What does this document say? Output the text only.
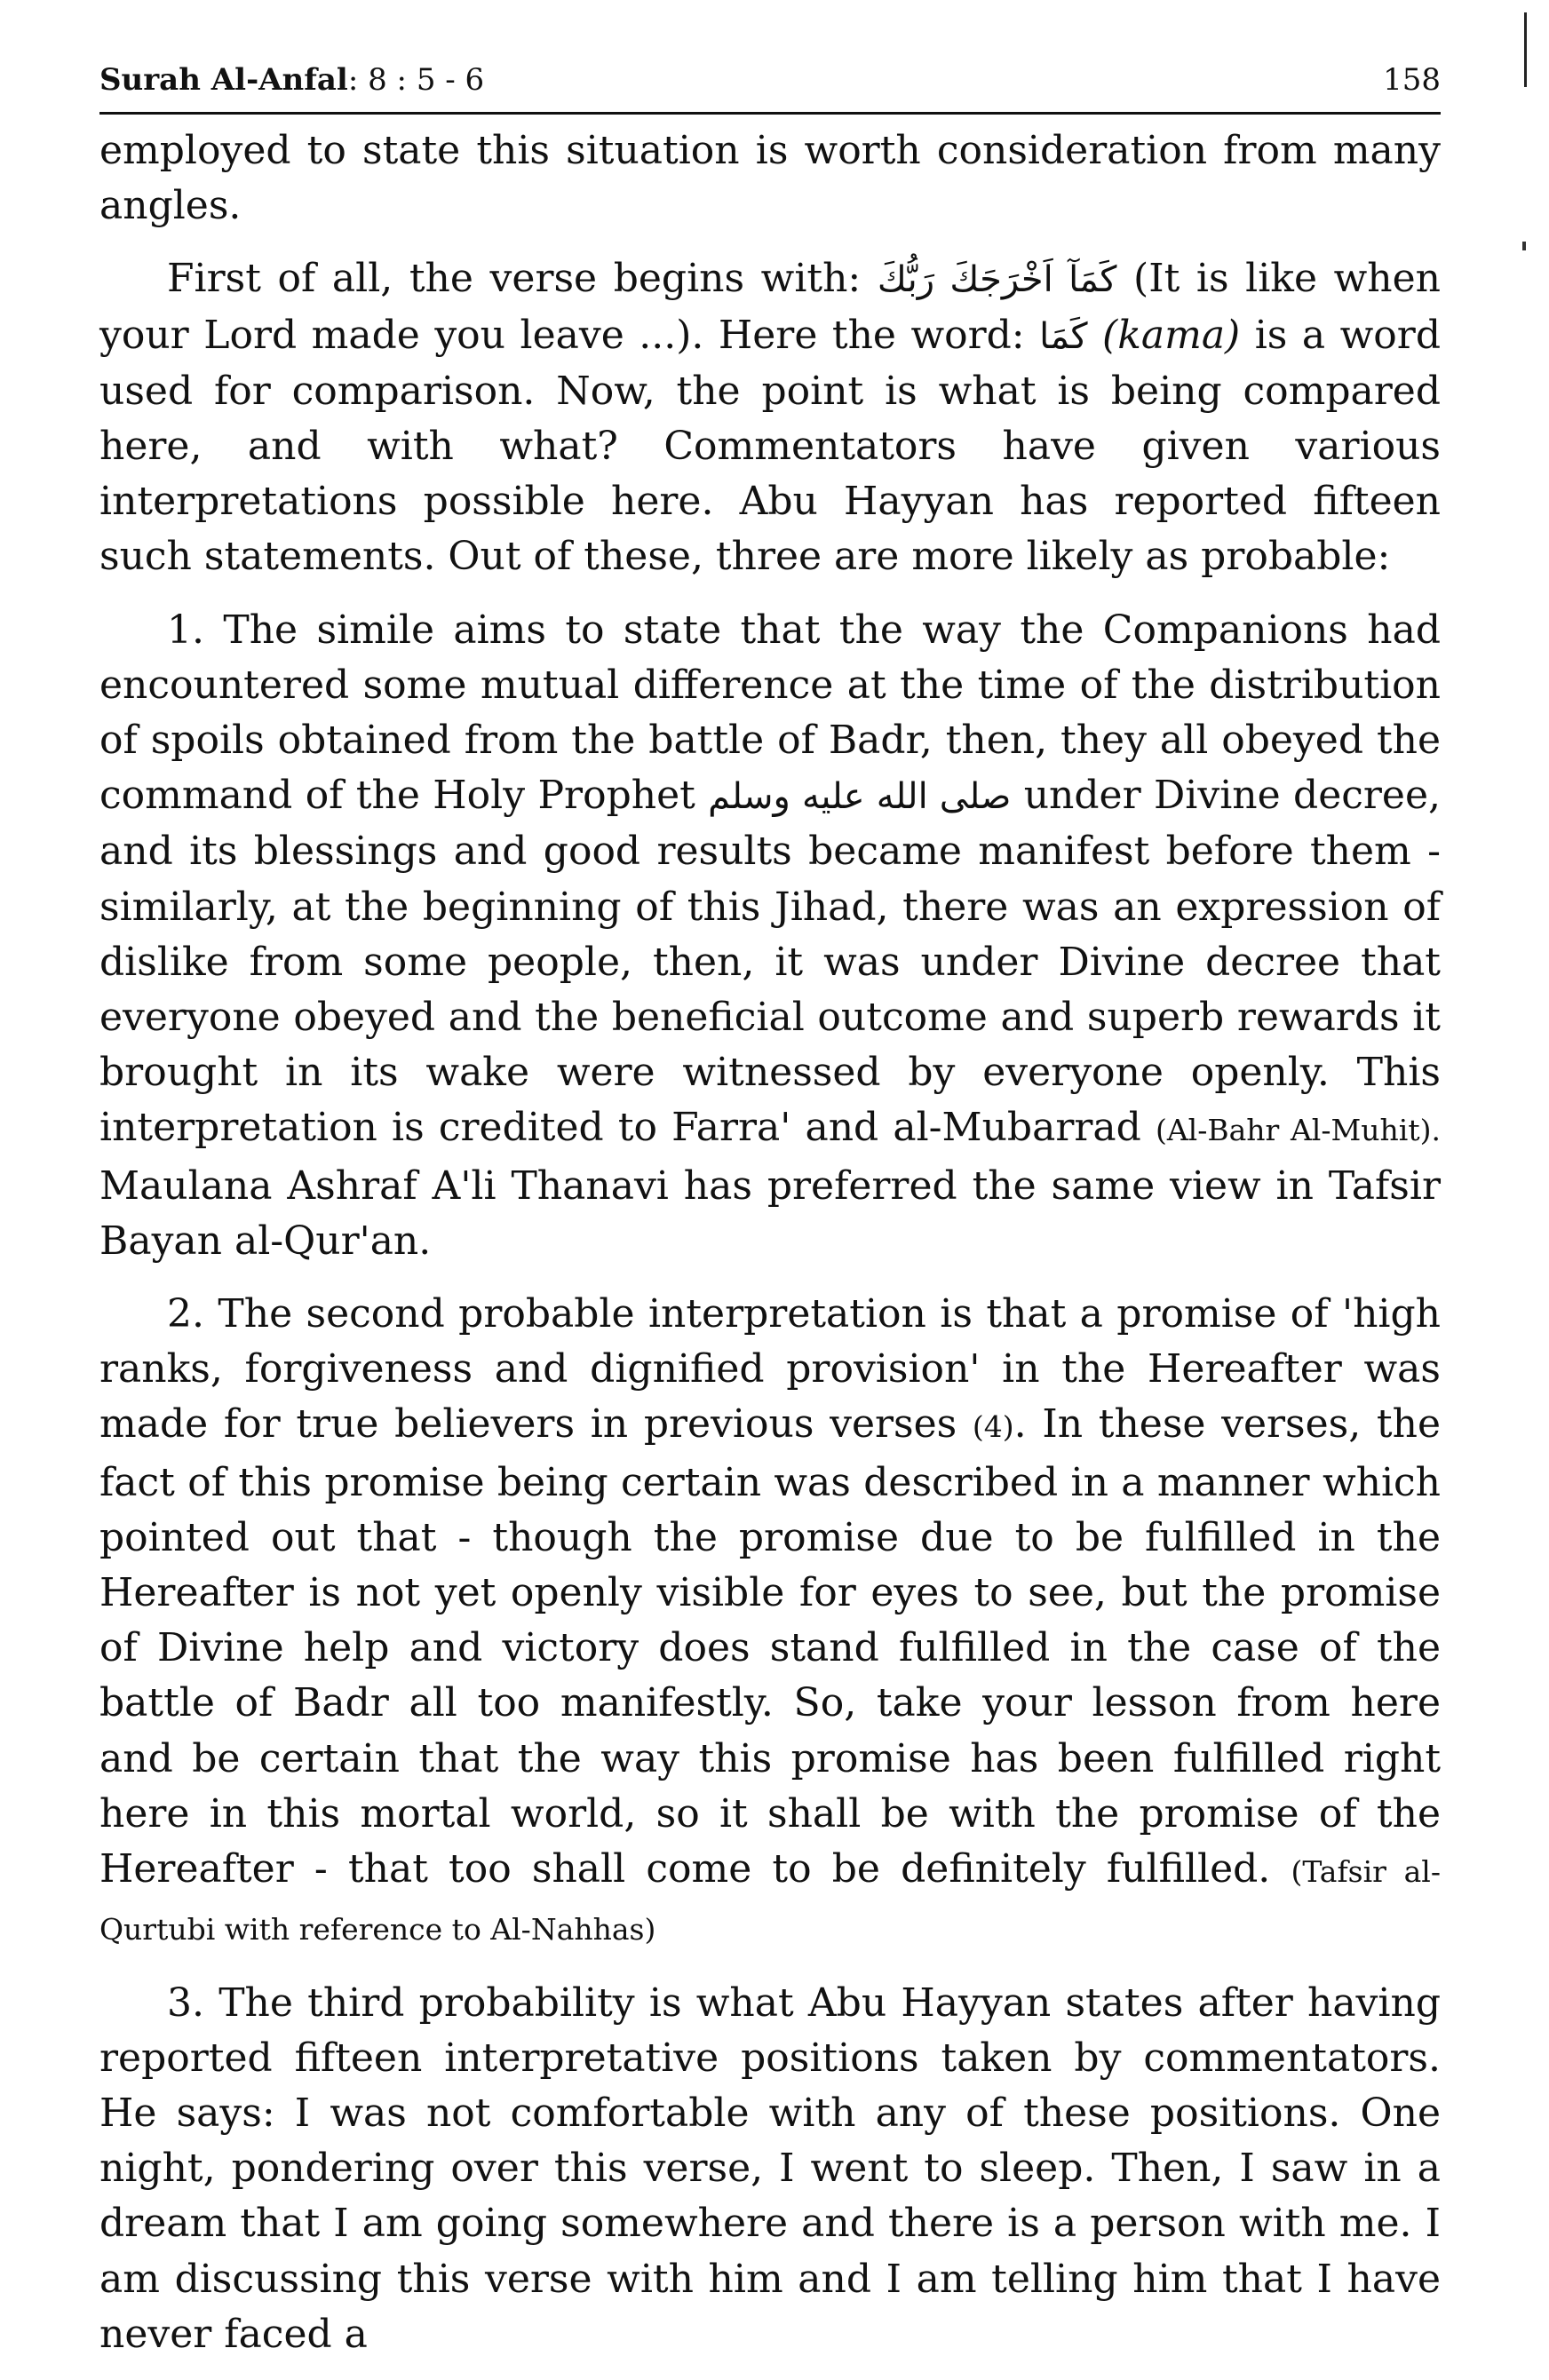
Surah Al-Anfal: 8 : 5 - 6	158

employed to state this situation is worth consideration from many angles.

First of all, the verse begins with: كَمَآ اَخْرَجَكَ رَبُّكَ (It is like when your Lord made you leave ...). Here the word: كَمَا (kama) is a word used for comparison. Now, the point is what is being compared here, and with what? Commentators have given various interpretations possible here. Abu Hayyan has reported fifteen such statements. Out of these, three are more likely as probable:

1. The simile aims to state that the way the Companions had encountered some mutual difference at the time of the distribution of spoils obtained from the battle of Badr, then, they all obeyed the command of the Holy Prophet صلى الله عليه وسلم under Divine decree, and its blessings and good results became manifest before them - similarly, at the beginning of this Jihad, there was an expression of dislike from some people, then, it was under Divine decree that everyone obeyed and the beneficial outcome and superb rewards it brought in its wake were witnessed by everyone openly. This interpretation is credited to Farra' and al-Mubarrad (Al-Bahr Al-Muhit). Maulana Ashraf A'li Thanavi has preferred the same view in Tafsir Bayan al-Qur'an.

2. The second probable interpretation is that a promise of 'high ranks, forgiveness and dignified provision' in the Hereafter was made for true believers in previous verses (4). In these verses, the fact of this promise being certain was described in a manner which pointed out that - though the promise due to be fulfilled in the Hereafter is not yet openly visible for eyes to see, but the promise of Divine help and victory does stand fulfilled in the case of the battle of Badr all too manifestly. So, take your lesson from here and be certain that the way this promise has been fulfilled right here in this mortal world, so it shall be with the promise of the Hereafter - that too shall come to be definitely fulfilled. (Tafsir al-Qurtubi with reference to Al-Nahhas)

3. The third probability is what Abu Hayyan states after having reported fifteen interpretative positions taken by commentators. He says: I was not comfortable with any of these positions. One night, pondering over this verse, I went to sleep. Then, I saw in a dream that I am going somewhere and there is a person with me. I am discussing this verse with him and I am telling him that I have never faced a
